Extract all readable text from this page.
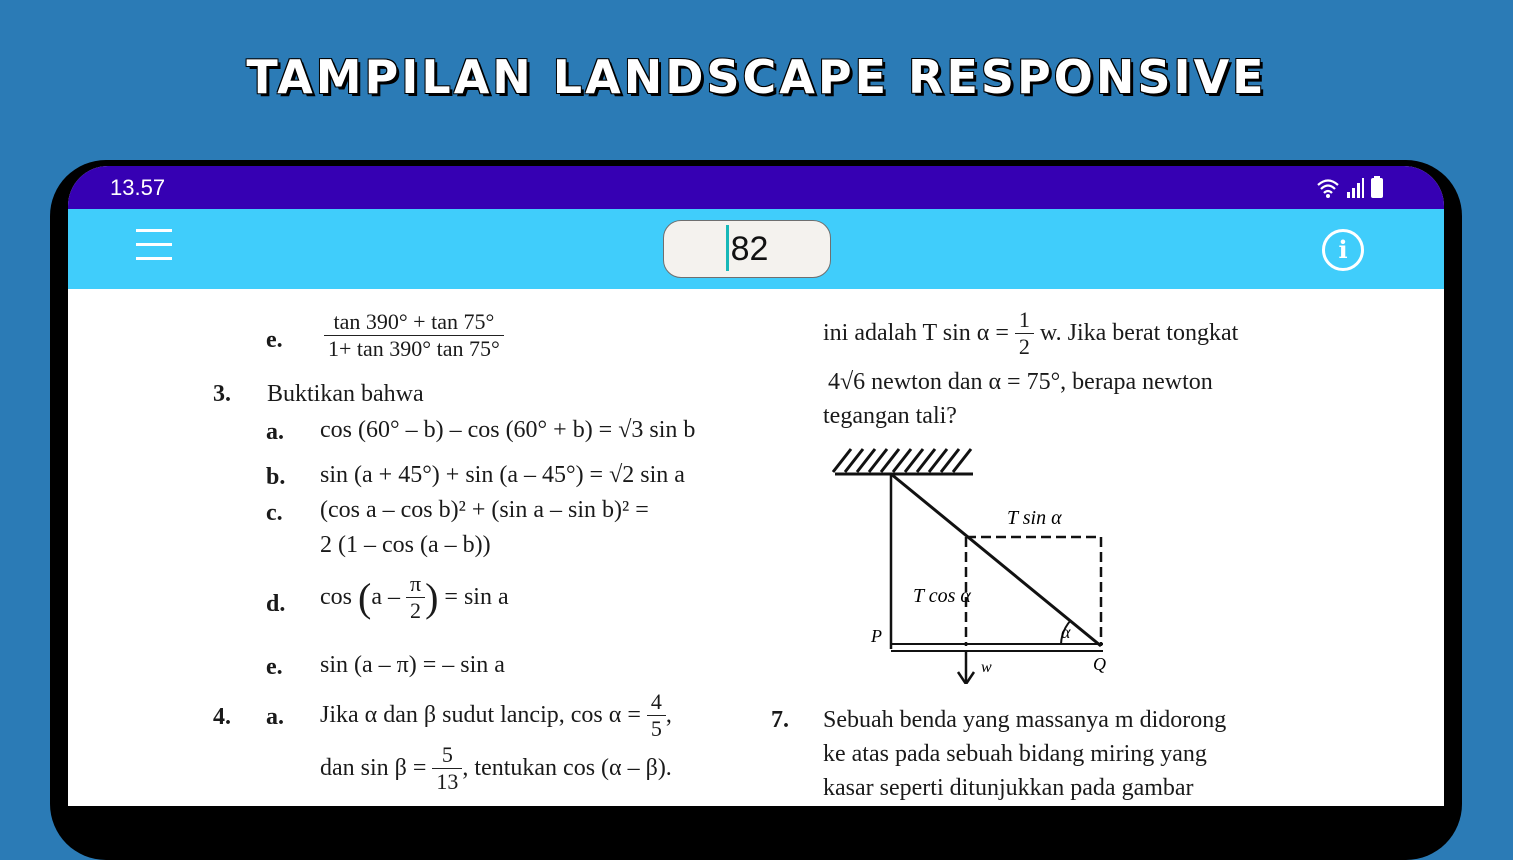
TAMPILAN LANDSCAPE RESPONSIVE
13.57
82	i
e. $\frac{\tan 390^\circ + \tan 75^\circ}{1+ \tan 390^\circ \tan 75^\circ}$
3. Buktikan bahwa
a. cos (60° – b) – cos (60° + b) = √3 sin b
b. sin (a + 45°) + sin (a – 45°) = √2 sin a
c. (cos a – cos b)² + (sin a – sin b)² =
2 (1 – cos (a – b))
d. $\cos (a - \frac{\pi}{2}$ ) = sin a
e. sin (a – π) = – sin a
4. a. Jika α dan β sudut lancip, $\cos \alpha = \frac{4}{5}$ ,
dan $\sin \beta = \frac{5}{13}$ , tentukan cos (α – β).
ini adalah T $\sin \alpha = \frac{1}{2} w$. Jika berat tongkat
4√6 newton dan α = 75°, berapa newton
tegangan tali?
T sin α
T cos α
α
P
w	Q
7. Sebuah benda yang massanya m didorong
ke atas pada sebuah bidang miring yang
kasar seperti ditunjukkan pada gambar
